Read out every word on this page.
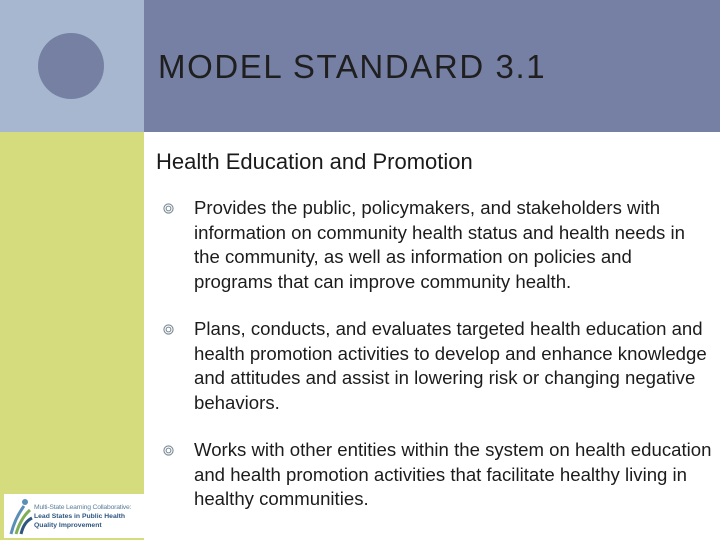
MODEL STANDARD 3.1
Health Education and Promotion
Provides the public, policymakers, and stakeholders with information on community health status and health needs in the community, as well as information on policies and programs that can improve community health.
Plans, conducts, and evaluates targeted health education and health promotion activities to develop and enhance knowledge and attitudes and assist in lowering risk or changing negative behaviors.
Works with other entities within the system on health education and health promotion activities that facilitate healthy living in healthy communities.
Multi-State Learning Collaborative:
Lead States in Public Health
Quality Improvement
